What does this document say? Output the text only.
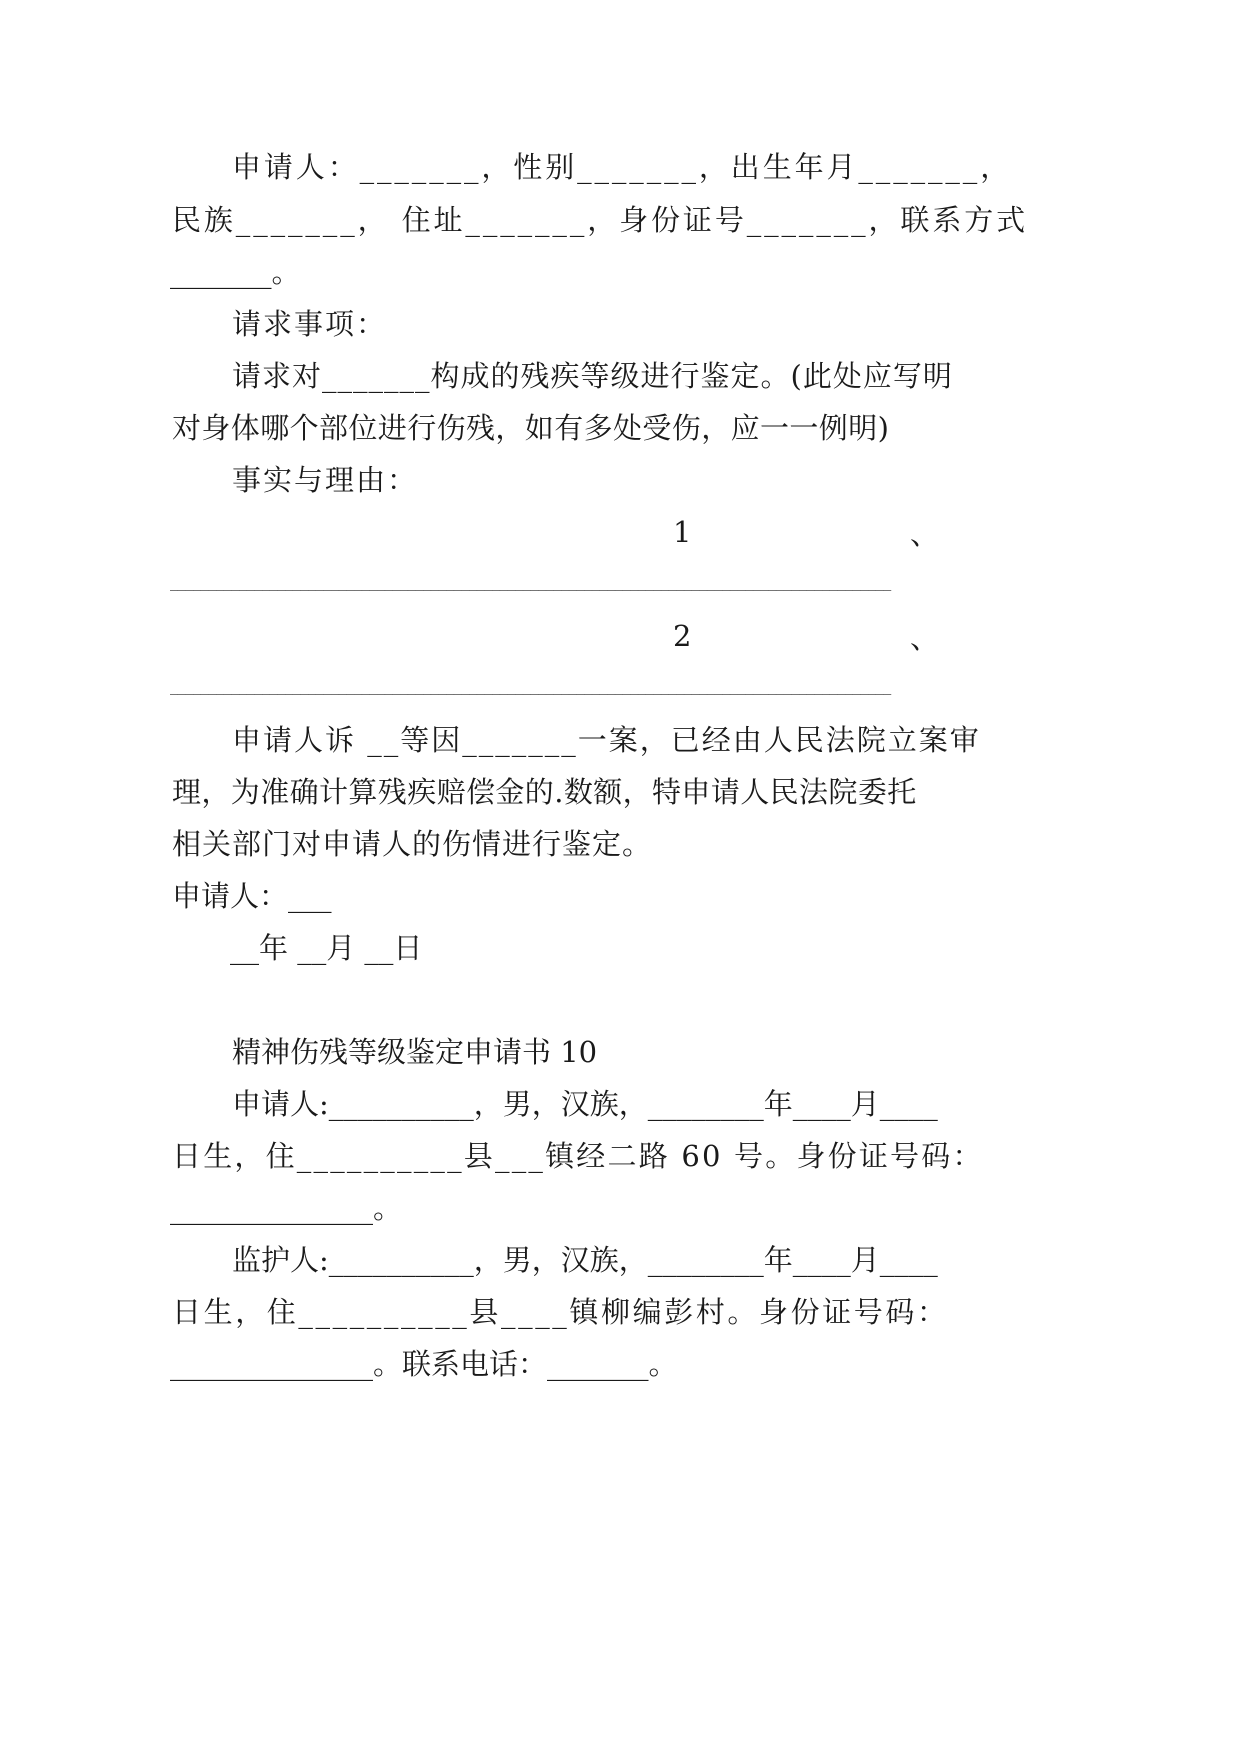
申请人：_______，性别_______，出生年月_______，
民族_______， 住址_______，身份证号_______，联系方式
_______。
请求事项：
请求对_______构成的残疾等级进行鉴定。(此处应写明
对身体哪个部位进行伤残，如有多处受伤，应一一例明)
事实与理由：
1	、
______________________________________________________________________________________________
2	、
______________________________________________________________________________________________
申请人诉 __等因_______一案，已经由人民法院立案审
理，为准确计算残疾赔偿金的.数额，特申请人民法院委托
相关部门对申请人的伤情进行鉴定。
申请人：___
__年 __月 __日
精神伤残等级鉴定申请书 10
申请人:__________，男，汉族，________年____月____
日生，住__________县___镇经二路 60 号。身份证号码：
______________。
监护人:__________，男，汉族，________年____月____
日生，住__________县____镇柳编彭村。身份证号码：
______________。联系电话：_______。
